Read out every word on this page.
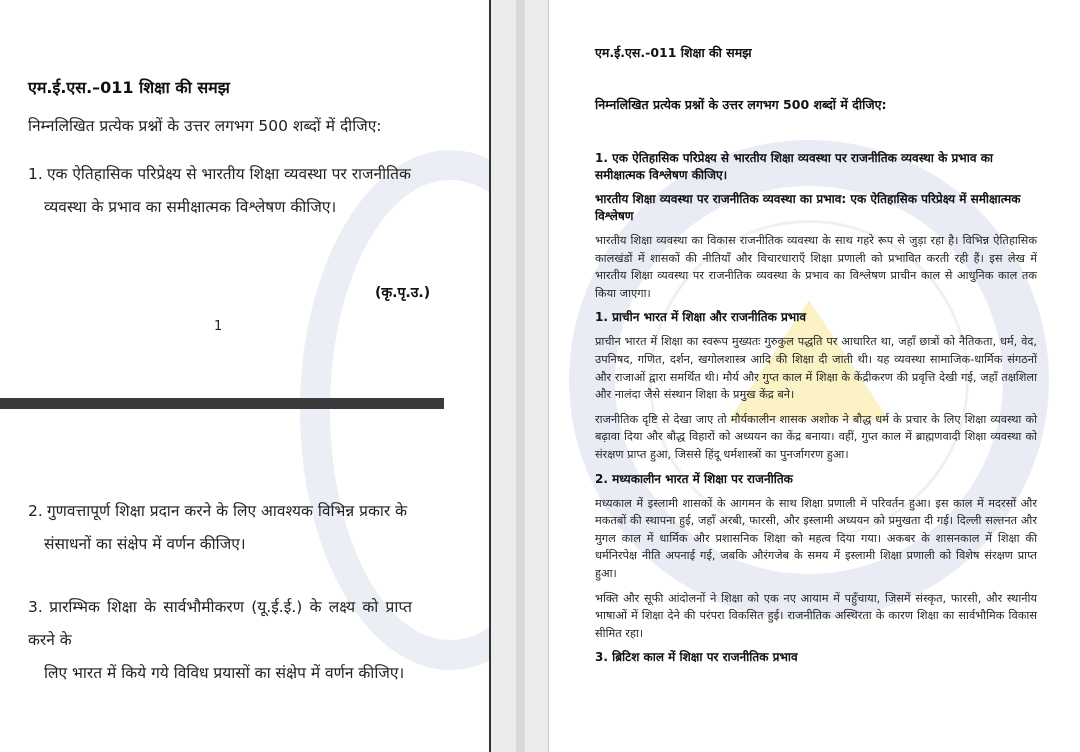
एम.ई.एस.–011 शिक्षा की समझ
निम्नलिखित प्रत्येक प्रश्नों के उत्तर लगभग 500 शब्दों में दीजिए:
1. एक ऐतिहासिक परिप्रेक्ष्य से भारतीय शिक्षा व्यवस्था पर राजनीतिक
व्यवस्था के प्रभाव का समीक्षात्मक विश्लेषण कीजिए।
(कृ.पृ.उ.)
1
2. गुणवत्तापूर्ण शिक्षा प्रदान करने के लिए आवश्यक विभिन्न प्रकार के
संसाधनों का संक्षेप में वर्णन कीजिए।
3. प्रारम्भिक शिक्षा के सार्वभौमीकरण (यू.ई.ई.) के लक्ष्य को प्राप्त करने के
लिए भारत में किये गये विविध प्रयासों का संक्षेप में वर्णन कीजिए।
एम.ई.एस.-011 शिक्षा की समझ
निम्नलिखित प्रत्येक प्रश्नों के उत्तर लगभग 500 शब्दों में दीजिए:
1. एक ऐतिहासिक परिप्रेक्ष्य से भारतीय शिक्षा व्यवस्था पर राजनीतिक व्यवस्था के प्रभाव का समीक्षात्मक विश्लेषण कीजिए।
भारतीय शिक्षा व्यवस्था पर राजनीतिक व्यवस्था का प्रभाव: एक ऐतिहासिक परिप्रेक्ष्य में समीक्षात्मक विश्लेषण
भारतीय शिक्षा व्यवस्था का विकास राजनीतिक व्यवस्था के साथ गहरे रूप से जुड़ा रहा है। विभिन्न ऐतिहासिक कालखंडों में शासकों की नीतियाँ और विचारधाराएँ शिक्षा प्रणाली को प्रभावित करती रही हैं। इस लेख में भारतीय शिक्षा व्यवस्था पर राजनीतिक व्यवस्था के प्रभाव का विश्लेषण प्राचीन काल से आधुनिक काल तक किया जाएगा।
1. प्राचीन भारत में शिक्षा और राजनीतिक प्रभाव
प्राचीन भारत में शिक्षा का स्वरूप मुख्यतः गुरुकुल पद्धति पर आधारित था, जहाँ छात्रों को नैतिकता, धर्म, वेद, उपनिषद, गणित, दर्शन, खगोलशास्त्र आदि की शिक्षा दी जाती थी। यह व्यवस्था सामाजिक-धार्मिक संगठनों और राजाओं द्वारा समर्थित थी। मौर्य और गुप्त काल में शिक्षा के केंद्रीकरण की प्रवृत्ति देखी गई, जहाँ तक्षशिला और नालंदा जैसे संस्थान शिक्षा के प्रमुख केंद्र बने।
राजनीतिक दृष्टि से देखा जाए तो मौर्यकालीन शासक अशोक ने बौद्ध धर्म के प्रचार के लिए शिक्षा व्यवस्था को बढ़ावा दिया और बौद्ध विहारों को अध्ययन का केंद्र बनाया। वहीं, गुप्त काल में ब्राह्मणवादी शिक्षा व्यवस्था को संरक्षण प्राप्त हुआ, जिससे हिंदू धर्मशास्त्रों का पुनर्जागरण हुआ।
2. मध्यकालीन भारत में शिक्षा पर राजनीतिक
मध्यकाल में इस्लामी शासकों के आगमन के साथ शिक्षा प्रणाली में परिवर्तन हुआ। इस काल में मदरसों और मकतबों की स्थापना हुई, जहाँ अरबी, फारसी, और इस्लामी अध्ययन को प्रमुखता दी गई। दिल्ली सल्तनत और मुगल काल में धार्मिक और प्रशासनिक शिक्षा को महत्व दिया गया। अकबर के शासनकाल में शिक्षा की धर्मनिरपेक्ष नीति अपनाई गई, जबकि औरंगजेब के समय में इस्लामी शिक्षा प्रणाली को विशेष संरक्षण प्राप्त हुआ।
भक्ति और सूफी आंदोलनों ने शिक्षा को एक नए आयाम में पहुँचाया, जिसमें संस्कृत, फारसी, और स्थानीय भाषाओं में शिक्षा देने की परंपरा विकसित हुई। राजनीतिक अस्थिरता के कारण शिक्षा का सार्वभौमिक विकास सीमित रहा।
3. ब्रिटिश काल में शिक्षा पर राजनीतिक प्रभाव
